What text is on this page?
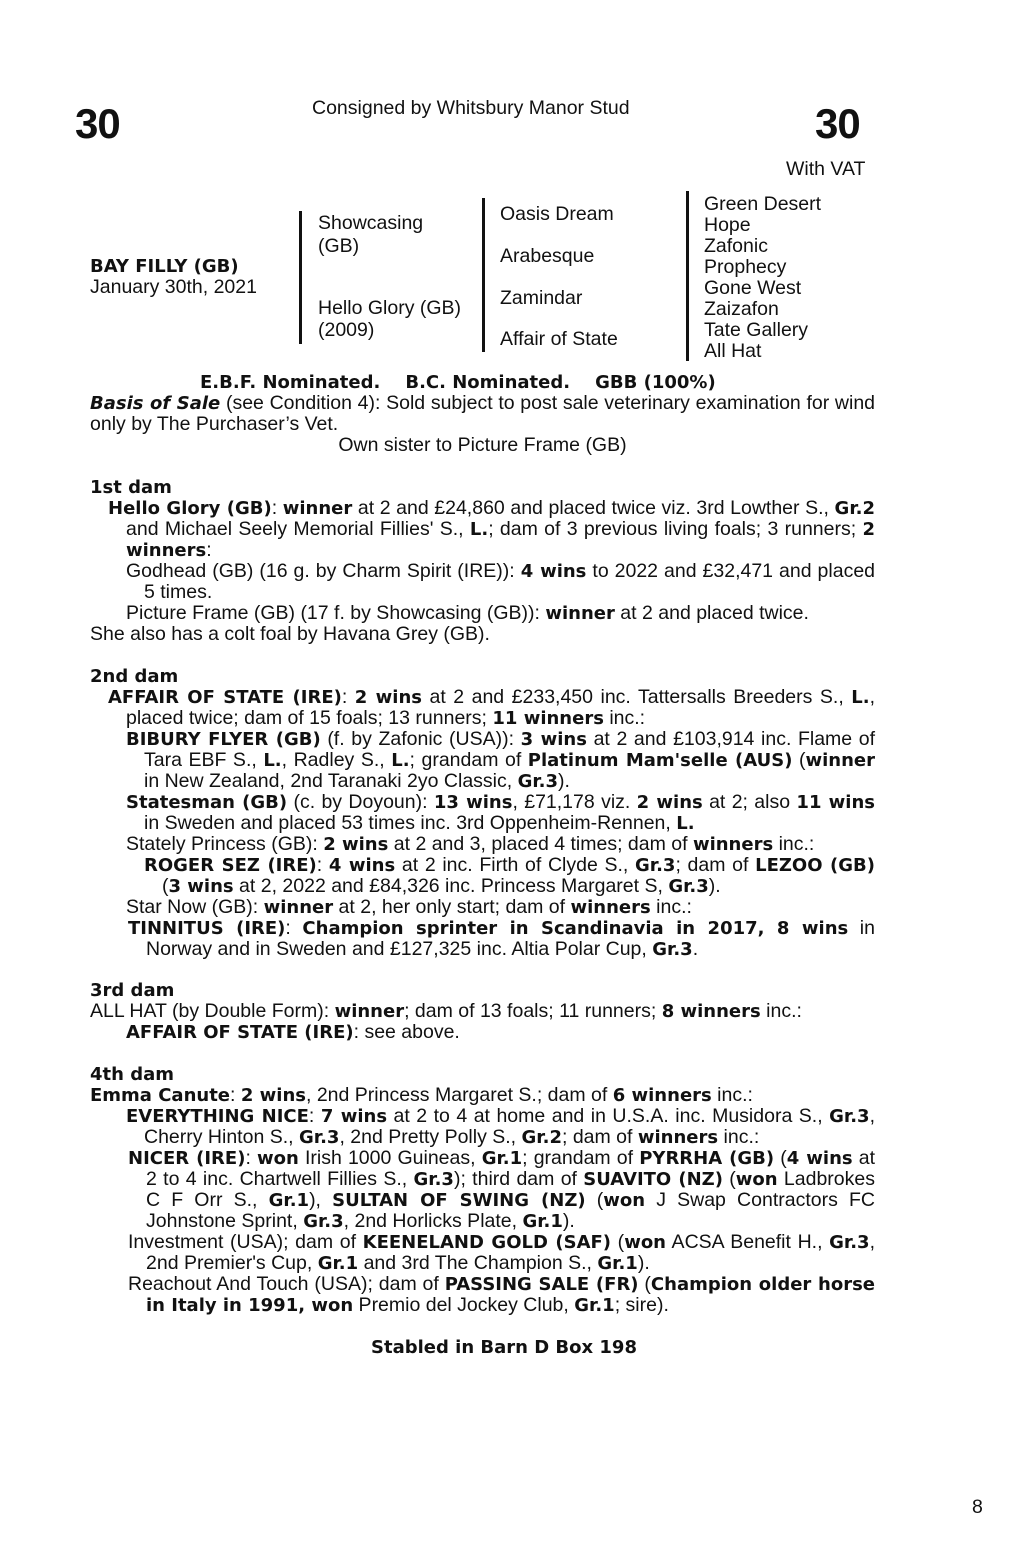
30	Consigned by Whitsbury Manor Stud	30
With VAT
BAY FILLY (GB)
January 30th, 2021
Showcasing
(GB)
Hello Glory (GB)
(2009)
Oasis Dream
Arabesque
Zamindar
Affair of State
Green Desert
Hope
Zafonic
Prophecy
Gone West
Zaizafon
Tate Gallery
All Hat
E.B.F. Nominated.    B.C. Nominated.    GBB (100%)

Basis of Sale (see Condition 4): Sold subject to post sale veterinary examination for wind only by The Purchaser’s Vet.

Own sister to Picture Frame (GB)

1st dam

Hello Glory (GB): winner at 2 and £24,860 and placed twice viz. 3rd Lowther S., Gr.2 and Michael Seely Memorial Fillies' S., L.; dam of 3 previous living foals; 3 runners; 2 winners:

Godhead (GB) (16 g. by Charm Spirit (IRE)): 4 wins to 2022 and £32,471 and placed 5 times.

Picture Frame (GB) (17 f. by Showcasing (GB)): winner at 2 and placed twice.

She also has a colt foal by Havana Grey (GB).

2nd dam

AFFAIR OF STATE (IRE): 2 wins at 2 and £233,450 inc. Tattersalls Breeders S., L., placed twice; dam of 15 foals; 13 runners; 11 winners inc.:

BIBURY FLYER (GB) (f. by Zafonic (USA)): 3 wins at 2 and £103,914 inc. Flame of Tara EBF S., L., Radley S., L.; grandam of Platinum Mam'selle (AUS) (winner in New Zealand, 2nd Taranaki 2yo Classic, Gr.3).

Statesman (GB) (c. by Doyoun): 13 wins, £71,178 viz. 2 wins at 2; also 11 wins in Sweden and placed 53 times inc. 3rd Oppenheim-Rennen, L.

Stately Princess (GB): 2 wins at 2 and 3, placed 4 times; dam of winners inc.:

ROGER SEZ (IRE): 4 wins at 2 inc. Firth of Clyde S., Gr.3; dam of LEZOO (GB) (3 wins at 2, 2022 and £84,326 inc. Princess Margaret S, Gr.3).

Star Now (GB): winner at 2, her only start; dam of winners inc.:

TINNITUS (IRE): Champion sprinter in Scandinavia in 2017, 8 wins in Norway and in Sweden and £127,325 inc. Altia Polar Cup, Gr.3.

3rd dam

ALL HAT (by Double Form): winner; dam of 13 foals; 11 runners; 8 winners inc.:

AFFAIR OF STATE (IRE): see above.

4th dam

Emma Canute: 2 wins, 2nd Princess Margaret S.; dam of 6 winners inc.:

EVERYTHING NICE: 7 wins at 2 to 4 at home and in U.S.A. inc. Musidora S., Gr.3, Cherry Hinton S., Gr.3, 2nd Pretty Polly S., Gr.2; dam of winners inc.:

NICER (IRE): won Irish 1000 Guineas, Gr.1; grandam of PYRRHA (GB) (4 wins at 2 to 4 inc. Chartwell Fillies S., Gr.3); third dam of SUAVITO (NZ) (won Ladbrokes C F Orr S., Gr.1), SULTAN OF SWING (NZ) (won J Swap Contractors FC Johnstone Sprint, Gr.3, 2nd Horlicks Plate, Gr.1).

Investment (USA); dam of KEENELAND GOLD (SAF) (won ACSA Benefit H., Gr.3, 2nd Premier's Cup, Gr.1 and 3rd The Champion S., Gr.1).

Reachout And Touch (USA); dam of PASSING SALE (FR) (Champion older horse in Italy in 1991, won Premio del Jockey Club, Gr.1; sire).

Stabled in Barn D Box 198
8
